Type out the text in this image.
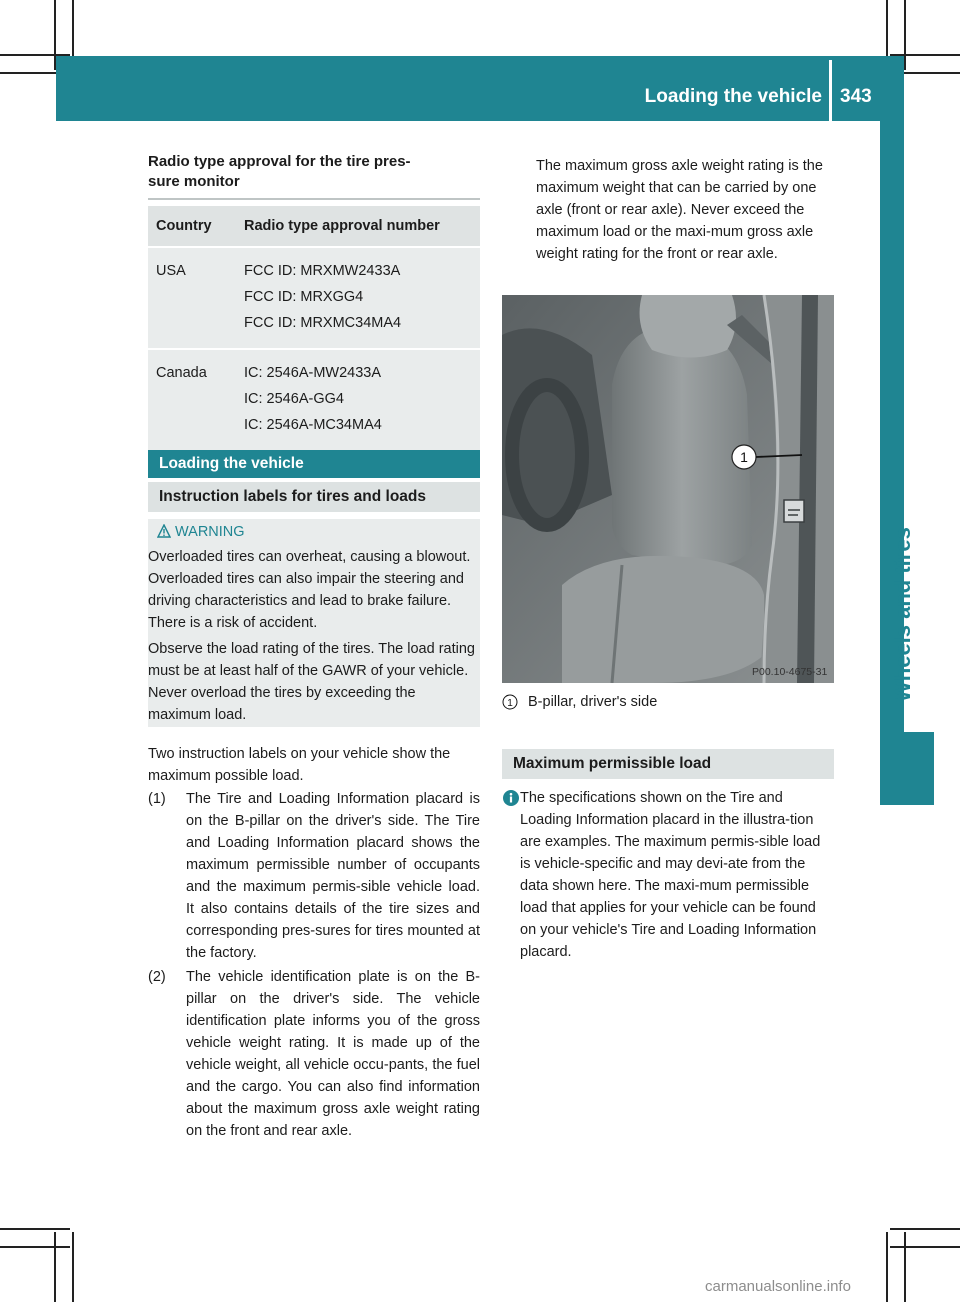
Loading the vehicle 343
Wheels and tires
Radio type approval for the tire pres-
sure monitor
Country	Radio type approval number
USA	FCC ID: MRXMW2433A
FCC ID: MRXGG4
FCC ID: MRXMC34MA4

Canada	IC: 2546A-MW2433A
IC: 2546A-GG4
IC: 2546A-MC34MA4
Loading the vehicle
Instruction labels for tires and loads
WARNING
Overloaded tires can overheat, causing a blowout. Overloaded tires can also impair the steering and driving characteristics and lead to brake failure. There is a risk of accident.
Observe the load rating of the tires. The load rating must be at least half of the GAWR of your vehicle. Never overload the tires by exceeding the maximum load.
Two instruction labels on your vehicle show the maximum possible load.
(1) The Tire and Loading Information placard is on the B-pillar on the driver's side. The Tire and Loading Information placard shows the maximum permissible number of occupants and the maximum permis-sible vehicle load. It also contains details of the tire sizes and corresponding pres-sures for tires mounted at the factory.
(2) The vehicle identification plate is on the B-pillar on the driver's side. The vehicle identification plate informs you of the gross vehicle weight rating. It is made up of the vehicle weight, all vehicle occu-pants, the fuel and the cargo. You can also find information about the maximum gross axle weight rating on the front and rear axle.
The maximum gross axle weight rating is the maximum weight that can be carried by one axle (front or rear axle). Never exceed the maximum load or the maxi-mum gross axle weight rating for the front or rear axle.
1
P00.10-4675-31
1 B-pillar, driver's side
Maximum permissible load
The specifications shown on the Tire and Loading Information placard in the illustra-tion are examples. The maximum permis-sible load is vehicle-specific and may devi-ate from the data shown here. The maxi-mum permissible load that applies for your vehicle can be found on your vehicle's Tire and Loading Information placard.
carmanualsonline.info
